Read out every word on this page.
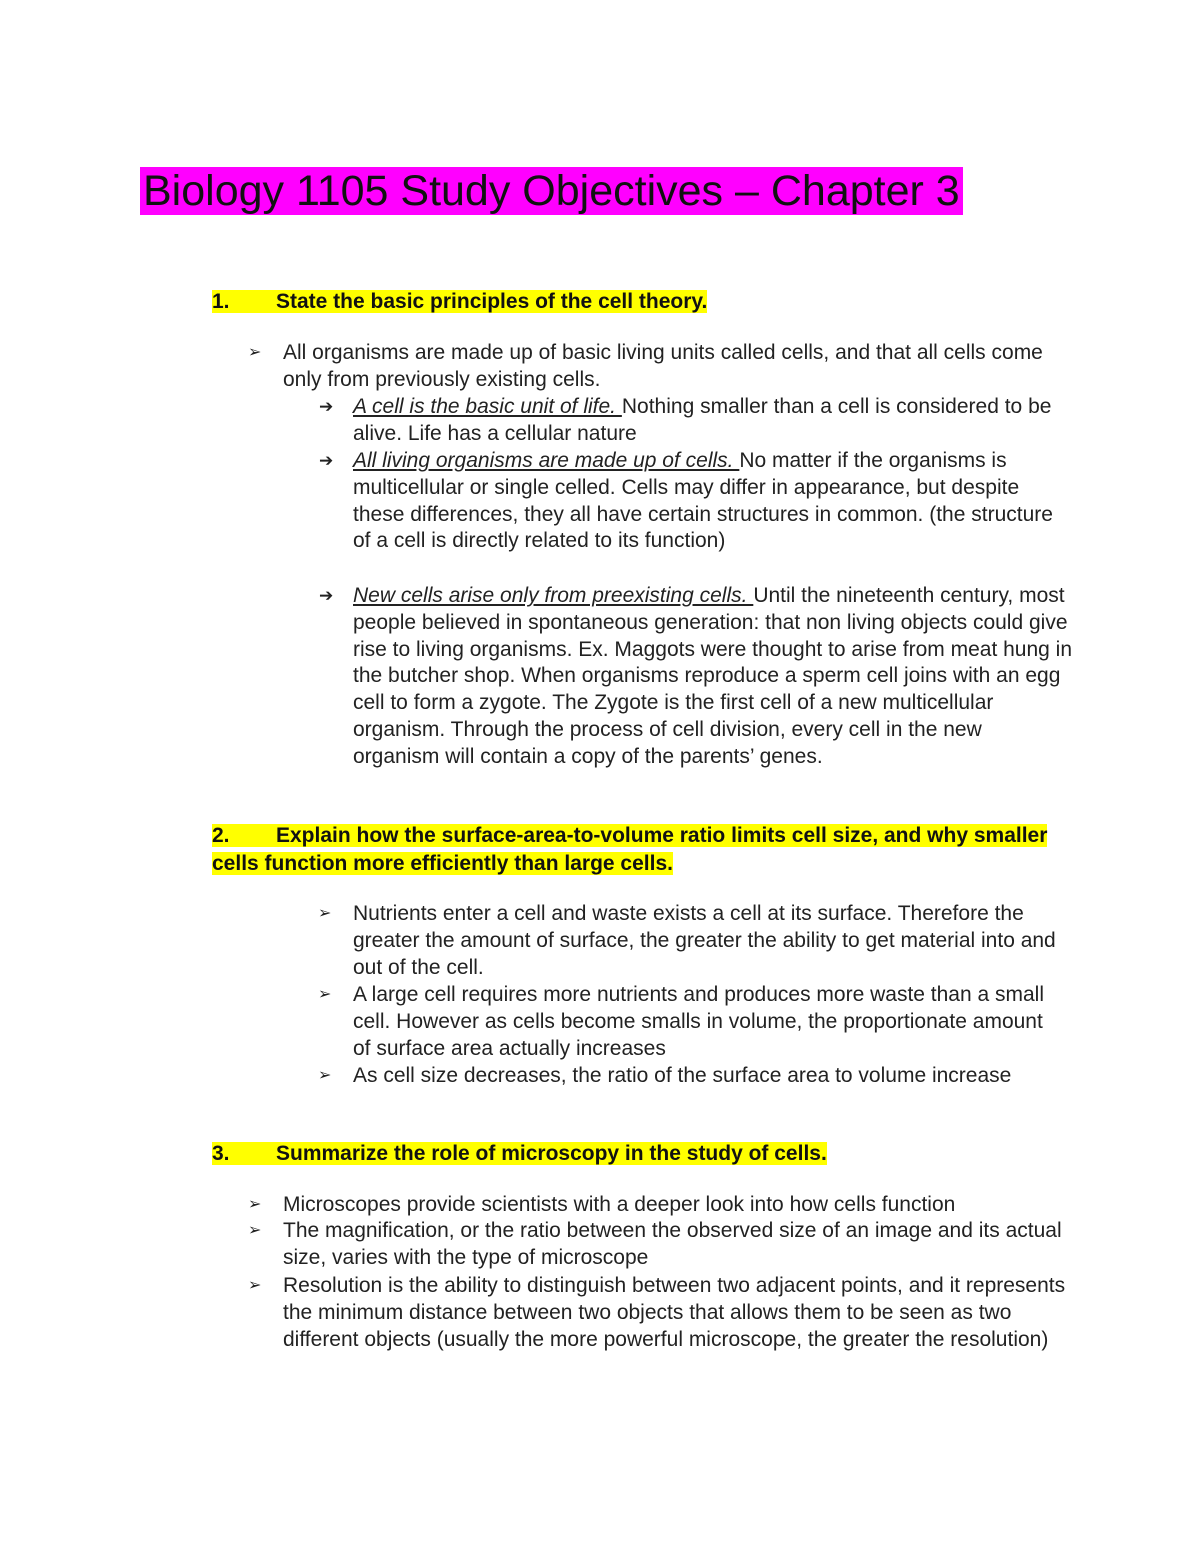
Biology 1105 Study Objectives – Chapter 3
1. State the basic principles of the cell theory.
➢ All organisms are made up of basic living units called cells, and that all cells come only from previously existing cells.
➔ A cell is the basic unit of life. Nothing smaller than a cell is considered to be alive. Life has a cellular nature
➔ All living organisms are made up of cells. No matter if the organisms is multicellular or single celled. Cells may differ in appearance, but despite these differences, they all have certain structures in common. (the structure of a cell is directly related to its function)
➔ New cells arise only from preexisting cells. Until the nineteenth century, most people believed in spontaneous generation: that non living objects could give rise to living organisms. Ex. Maggots were thought to arise from meat hung in the butcher shop. When organisms reproduce a sperm cell joins with an egg cell to form a zygote. The Zygote is the first cell of a new multicellular organism. Through the process of cell division, every cell in the new organism will contain a copy of the parents’ genes.
2. Explain how the surface-area-to-volume ratio limits cell size, and why smaller cells function more efficiently than large cells.
➢ Nutrients enter a cell and waste exists a cell at its surface. Therefore the greater the amount of surface, the greater the ability to get material into and out of the cell.
➢ A large cell requires more nutrients and produces more waste than a small cell. However as cells become smalls in volume, the proportionate amount of surface area actually increases
➢ As cell size decreases, the ratio of the surface area to volume increase
3. Summarize the role of microscopy in the study of cells.
➢ Microscopes provide scientists with a deeper look into how cells function
➢ The magnification, or the ratio between the observed size of an image and its actual size, varies with the type of microscope
➢ Resolution is the ability to distinguish between two adjacent points, and it represents the minimum distance between two objects that allows them to be seen as two different objects (usually the more powerful microscope, the greater the resolution)
